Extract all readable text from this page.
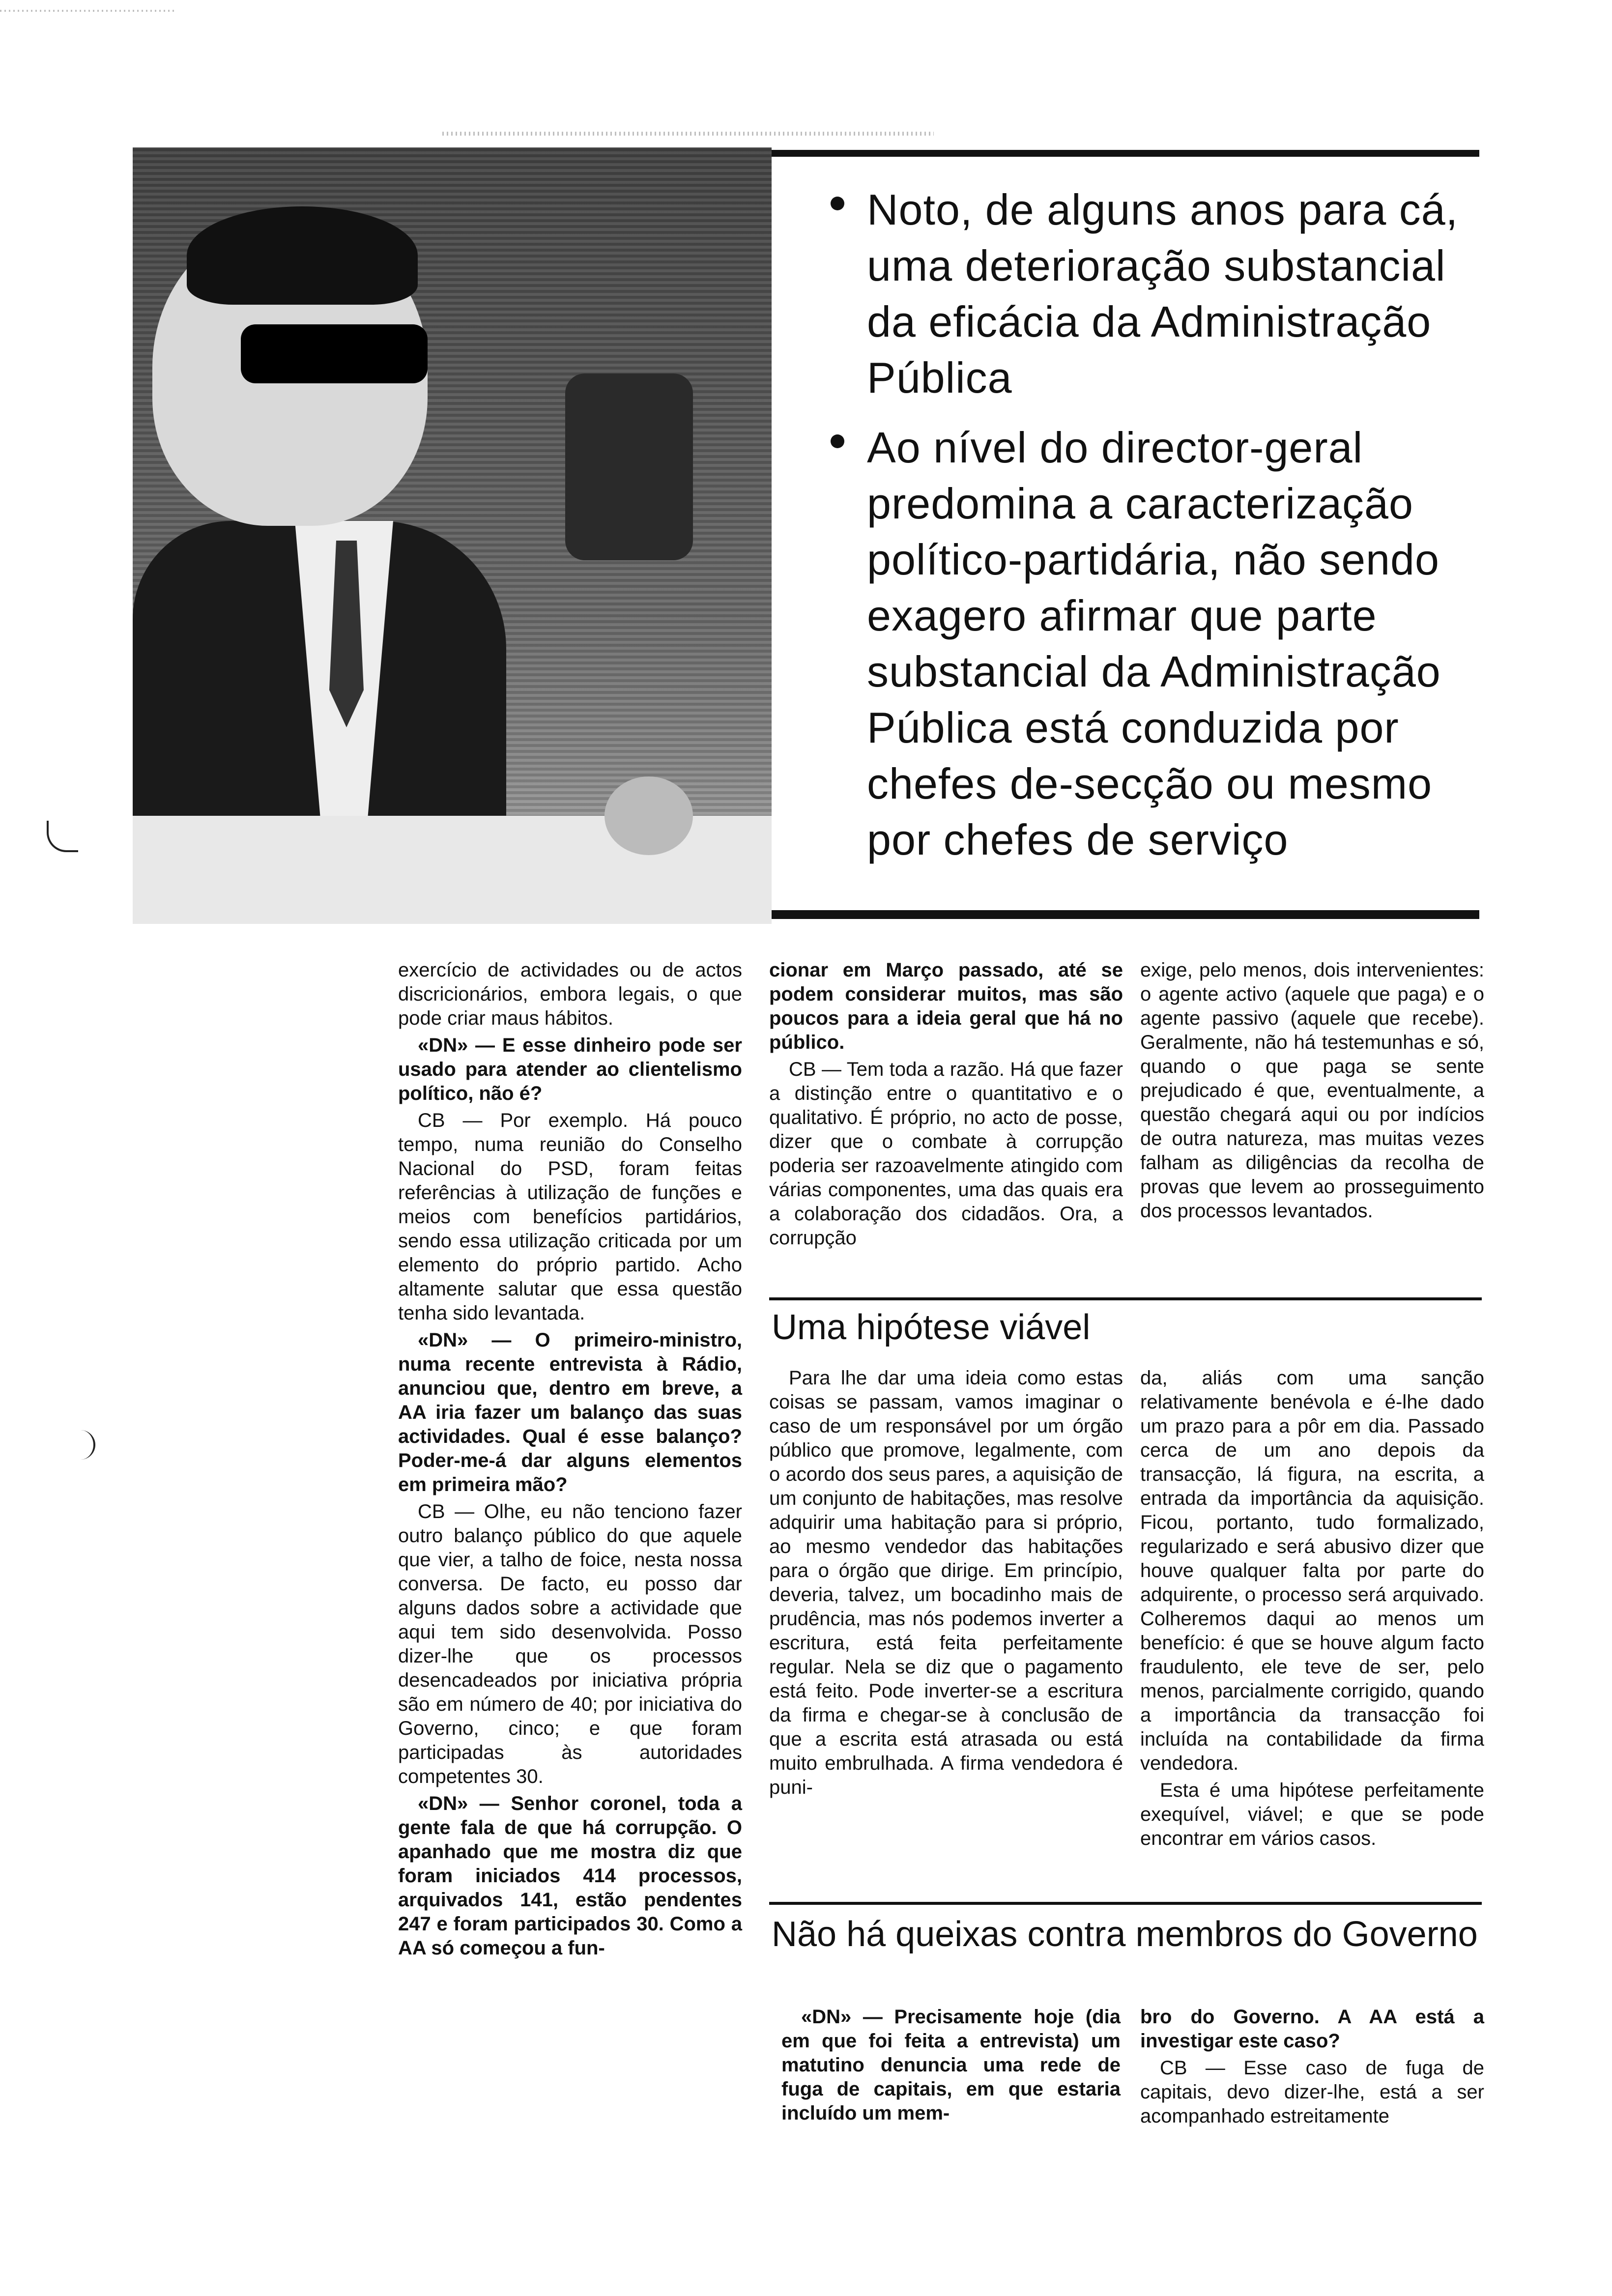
Noto, de alguns anos para cá, uma deterioração substancial da eficácia da Administração Pública

Ao nível do director-geral predomina a caracterização político-partidária, não sendo exagero afirmar que parte substancial da Administração Pública está conduzida por chefes de-secção ou mesmo por chefes de serviço

exercício de actividades ou de actos discricionários, embora legais, o que pode criar maus hábitos.

«DN» — E esse dinheiro pode ser usado para atender ao clientelismo político, não é?

CB — Por exemplo. Há pouco tempo, numa reunião do Conselho Nacional do PSD, foram feitas referências à utilização de funções e meios com benefícios partidários, sendo essa utilização criticada por um elemento do próprio partido. Acho altamente salutar que essa questão tenha sido levantada.

«DN» — O primeiro-ministro, numa recente entrevista à Rádio, anunciou que, dentro em breve, a AA iria fazer um balanço das suas actividades. Qual é esse balanço? Poder-me-á dar alguns elementos em primeira mão?

CB — Olhe, eu não tenciono fazer outro balanço público do que aquele que vier, a talho de foice, nesta nossa conversa. De facto, eu posso dar alguns dados sobre a actividade que aqui tem sido desenvolvida. Posso dizer-lhe que os processos desencadeados por iniciativa própria são em número de 40; por iniciativa do Governo, cinco; e que foram participadas às autoridades competentes 30.

«DN» — Senhor coronel, toda a gente fala de que há corrupção. O apanhado que me mostra diz que foram iniciados 414 processos, arquivados 141, estão pendentes 247 e foram participados 30. Como a AA só começou a fun-

cionar em Março passado, até se podem considerar muitos, mas são poucos para a ideia geral que há no público.

CB — Tem toda a razão. Há que fazer a distinção entre o quantitativo e o qualitativo. É próprio, no acto de posse, dizer que o combate à corrupção poderia ser razoavelmente atingido com várias componentes, uma das quais era a colaboração dos cidadãos. Ora, a corrupção

exige, pelo menos, dois intervenientes: o agente activo (aquele que paga) e o agente passivo (aquele que recebe). Geralmente, não há testemunhas e só, quando o que paga se sente prejudicado é que, eventualmente, a questão chegará aqui ou por indícios de outra natureza, mas muitas vezes falham as diligências da recolha de provas que levem ao prosseguimento dos processos levantados.

Uma hipótese viável

Para lhe dar uma ideia como estas coisas se passam, vamos imaginar o caso de um responsável por um órgão público que promove, legalmente, com o acordo dos seus pares, a aquisição de um conjunto de habitações, mas resolve adquirir uma habitação para si próprio, ao mesmo vendedor das habitações para o órgão que dirige. Em princípio, deveria, talvez, um bocadinho mais de prudência, mas nós podemos inverter a escritura, está feita perfeitamente regular. Nela se diz que o pagamento está feito. Pode inverter-se a escritura da firma e chegar-se à conclusão de que a escrita está atrasada ou está muito embrulhada. A firma vendedora é puni-

da, aliás com uma sanção relativamente benévola e é-lhe dado um prazo para a pôr em dia. Passado cerca de um ano depois da transacção, lá figura, na escrita, a entrada da importância da aquisição. Ficou, portanto, tudo formalizado, regularizado e será abusivo dizer que houve qualquer falta por parte do adquirente, o processo será arquivado. Colheremos daqui ao menos um benefício: é que se houve algum facto fraudulento, ele teve de ser, pelo menos, parcialmente corrigido, quando a importância da transacção foi incluída na contabilidade da firma vendedora.

Esta é uma hipótese perfeitamente exequível, viável; e que se pode encontrar em vários casos.

Não há queixas contra membros do Governo

«DN» — Precisamente hoje (dia em que foi feita a entrevista) um matutino denuncia uma rede de fuga de capitais, em que estaria incluído um mem-

bro do Governo. A AA está a investigar este caso?

CB — Esse caso de fuga de capitais, devo dizer-lhe, está a ser acompanhado estreitamente
